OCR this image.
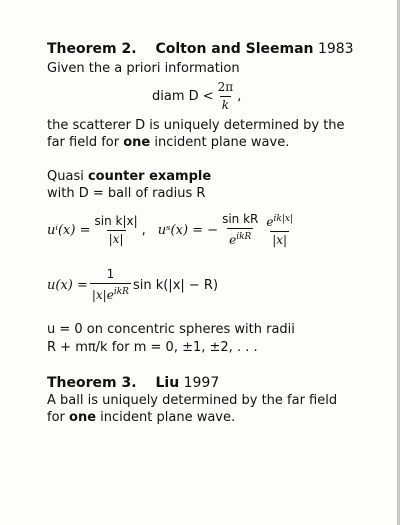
Theorem 2. Colton and Sleeman 1983
Given the a priori information
diam $D < \frac{2\pi}{k}$ ,
the scatterer D is uniquely determined by the
far field for one incident plane wave.
Quasi counter example
with D = ball of radius R
$u^i(x) = \frac{\text{sin k|x|}}{|x|}$ , uˢ(x) = − $\frac{\text{sin kR}}{e^{ikR}} \frac{e^{ik|x|}}{|x|}$
$u(x) = \frac{1}{|x|e^{ikR}}$ sin k(|x| − R)
u = 0 on concentric spheres with radii
R + mπ/k for m = 0, ±1, ±2, . . .
Theorem 3. Liu 1997
A ball is uniquely determined by the far field
for one incident plane wave.
